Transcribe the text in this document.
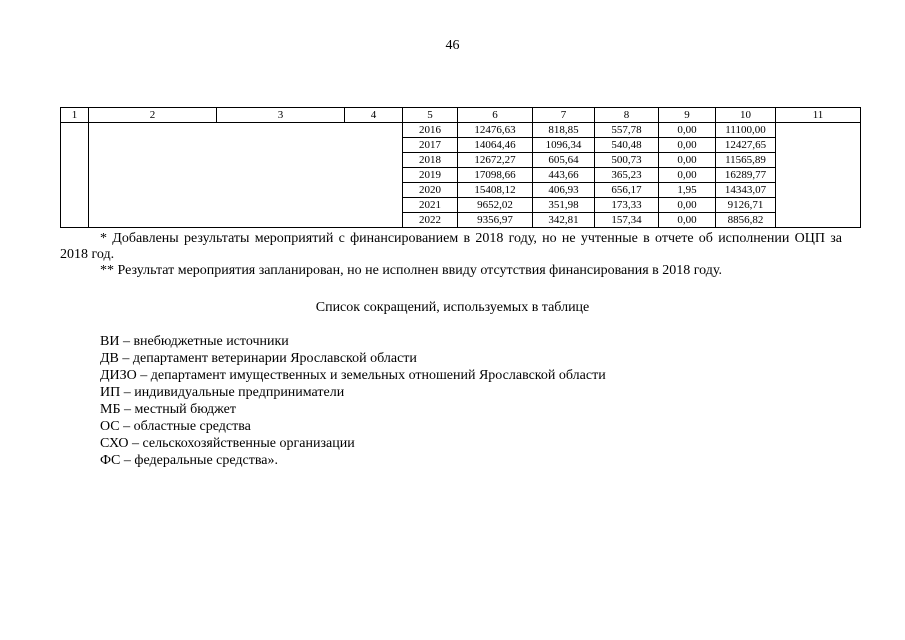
46
1	2	3	4	5	6	7	8	9	10	11
				2016	12476,63	818,85	557,78	0,00	11100,00	
				2017	14064,46	1096,34	540,48	0,00	12427,65	
				2018	12672,27	605,64	500,73	0,00	11565,89	
				2019	17098,66	443,66	365,23	0,00	16289,77	
				2020	15408,12	406,93	656,17	1,95	14343,07	
				2021	9652,02	351,98	173,33	0,00	9126,71	
				2022	9356,97	342,81	157,34	0,00	8856,82	

* Добавлены результаты мероприятий с финансированием в 2018 году, но не учтенные в отчете об исполнении ОЦП за 2018 год.

** Результат мероприятия запланирован, но не исполнен ввиду отсутствия финансирования в 2018 году.

Список сокращений, используемых в таблице
ВИ – внебюджетные источники
ДВ – департамент ветеринарии Ярославской области
ДИЗО – департамент имущественных и земельных отношений Ярославской области
ИП – индивидуальные предприниматели
МБ – местный бюджет
ОС – областные средства
СХО – сельскохозяйственные организации
ФС – федеральные средства».
